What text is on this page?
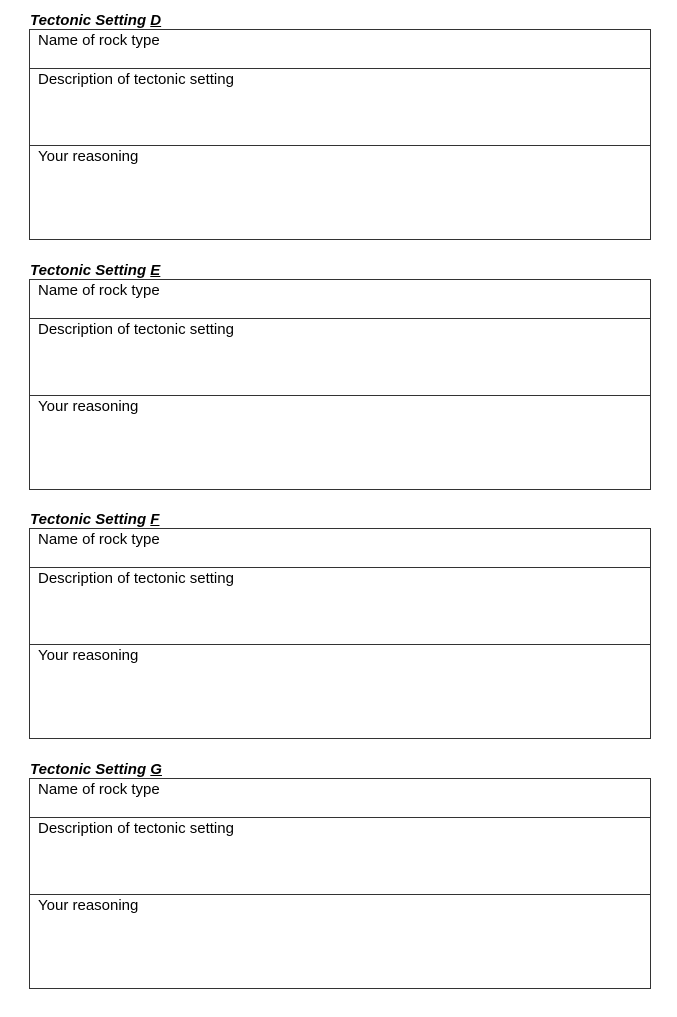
Tectonic Setting D
Name of rock type
Description of tectonic setting
Your reasoning
Tectonic Setting E
Name of rock type
Description of tectonic setting
Your reasoning
Tectonic Setting F
Name of rock type
Description of tectonic setting
Your reasoning
Tectonic Setting G
Name of rock type
Description of tectonic setting
Your reasoning
